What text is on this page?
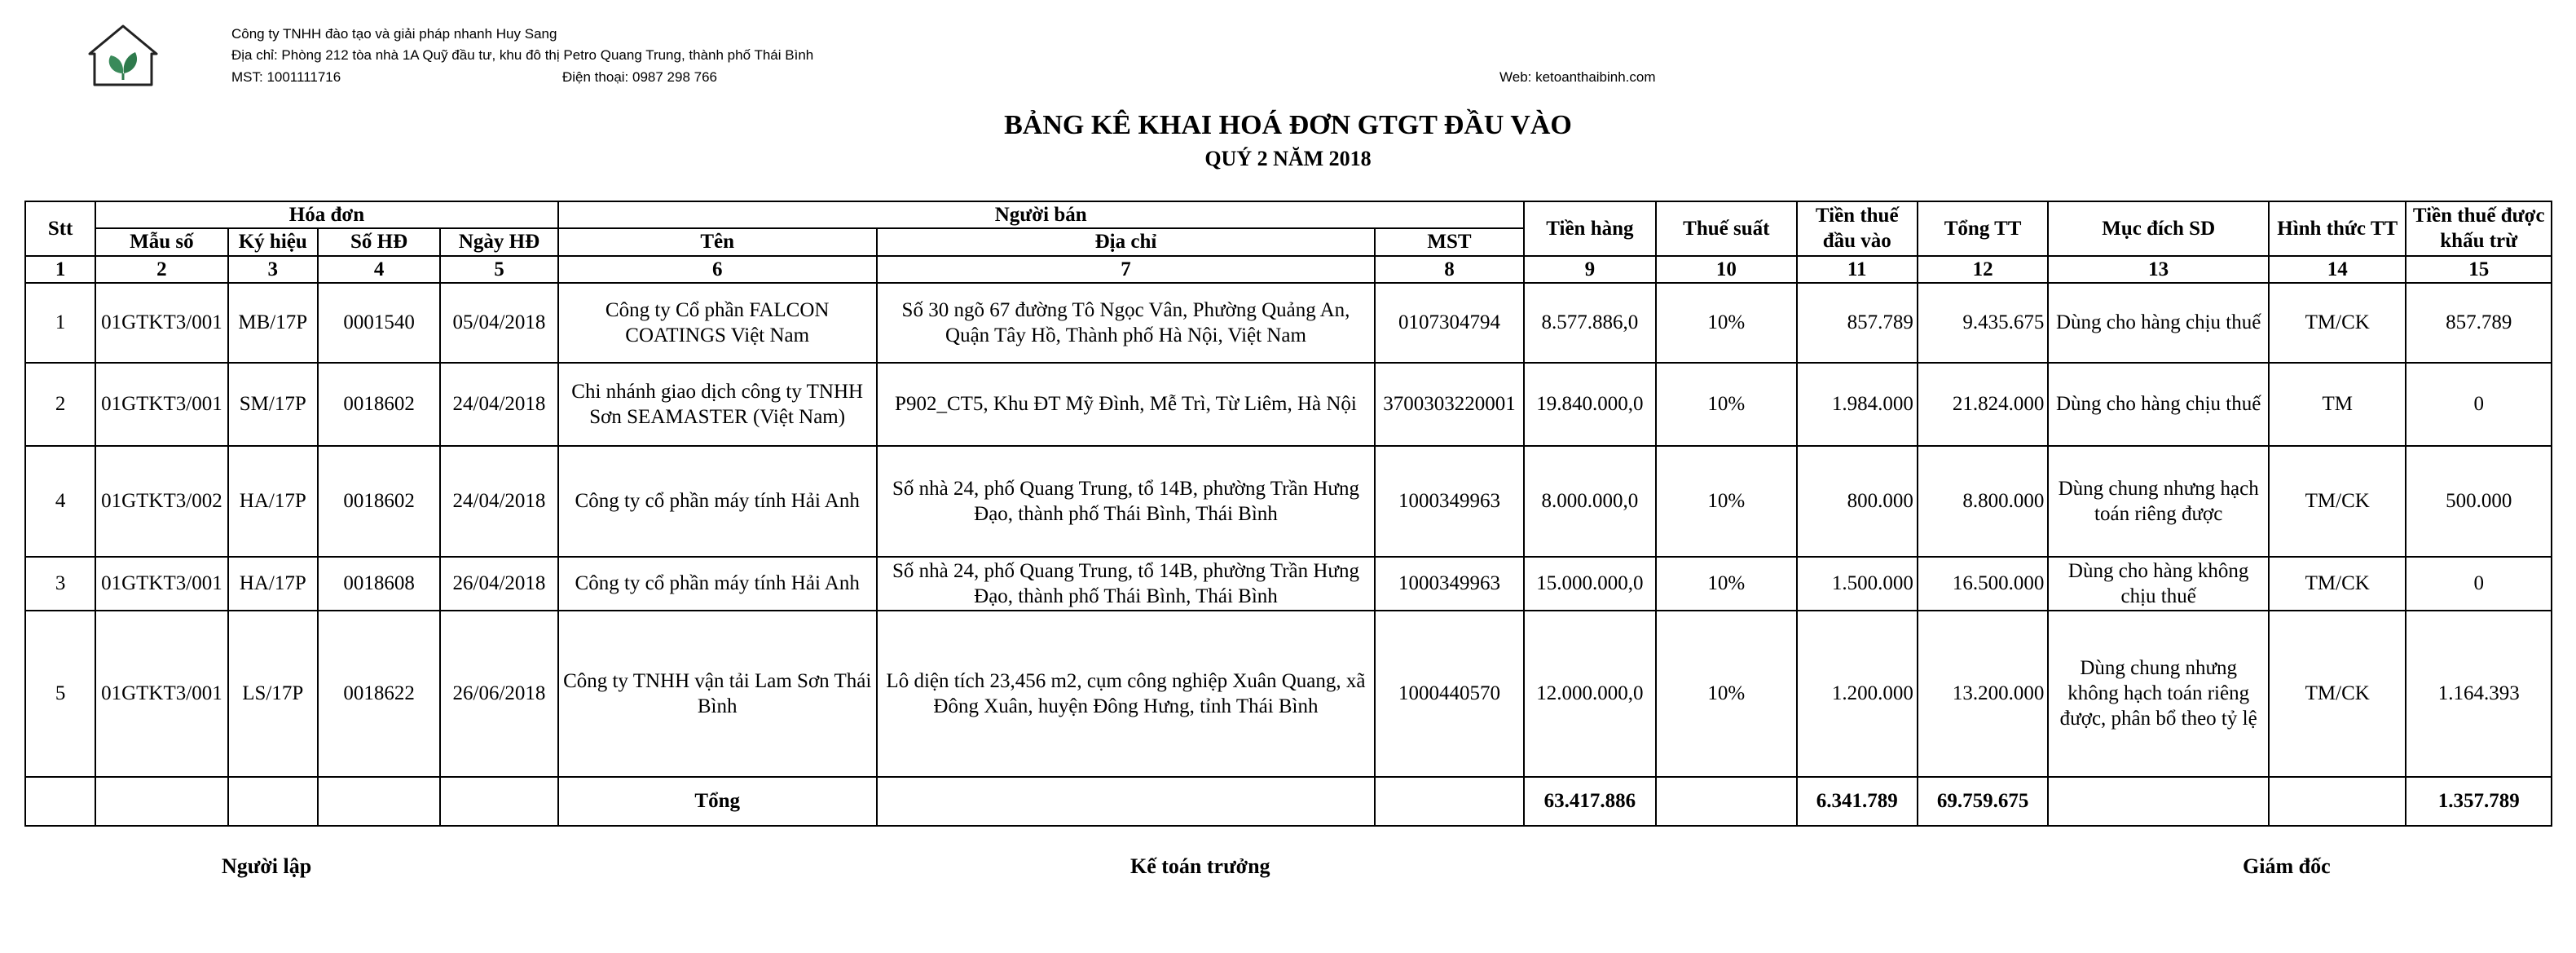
Công ty TNHH đào tạo và giải pháp nhanh Huy Sang
Địa chỉ: Phòng 212 tòa nhà 1A Quỹ đầu tư, khu đô thị Petro Quang Trung, thành phố Thái Bình
MST: 1001111716	Điện thoại: 0987 298 766	Web: ketoanthaibinh.com
BẢNG KÊ KHAI HOÁ ĐƠN GTGT ĐẦU VÀO
QUÝ 2 NĂM 2018
Stt	Hóa đơn				Người bán			Tiền hàng	Thuế suất	Tiền thuế đầu vào	Tổng TT	Mục đích SD	Hình thức TT	Tiền thuế được khấu trừ
	Mẫu số	Ký hiệu	Số HĐ	Ngày HĐ	Tên	Địa chỉ	MST							
1	2	3	4	5	6	7	8	9	10	11	12	13	14	15
1	01GTKT3/001	MB/17P	0001540	05/04/2018	Công ty Cổ phần FALCON COATINGS Việt Nam	Số 30 ngõ 67 đường Tô Ngọc Vân, Phường Quảng An, Quận Tây Hồ, Thành phố Hà Nội, Việt Nam	0107304794	8.577.886,0	10%	857.789	9.435.675	Dùng cho hàng chịu thuế	TM/CK	857.789
2	01GTKT3/001	SM/17P	0018602	24/04/2018	Chi nhánh giao dịch công ty TNHH Sơn SEAMASTER (Việt Nam)	P902_CT5, Khu ĐT Mỹ Đình, Mễ Trì, Từ Liêm, Hà Nội	3700303220001	19.840.000,0	10%	1.984.000	21.824.000	Dùng cho hàng chịu thuế	TM	0
4	01GTKT3/002	HA/17P	0018602	24/04/2018	Công ty cổ phần máy tính Hải Anh	Số nhà 24, phố Quang Trung, tổ 14B, phường Trần Hưng Đạo, thành phố Thái Bình, Thái Bình	1000349963	8.000.000,0	10%	800.000	8.800.000	Dùng chung nhưng hạch toán riêng được	TM/CK	500.000
3	01GTKT3/001	HA/17P	0018608	26/04/2018	Công ty cổ phần máy tính Hải Anh	Số nhà 24, phố Quang Trung, tổ 14B, phường Trần Hưng Đạo, thành phố Thái Bình, Thái Bình	1000349963	15.000.000,0	10%	1.500.000	16.500.000	Dùng cho hàng không chịu thuế	TM/CK	0
5	01GTKT3/001	LS/17P	0018622	26/06/2018	Công ty TNHH vận tải Lam Sơn Thái Bình	Lô diện tích 23,456 m2, cụm công nghiệp Xuân Quang, xã Đông Xuân, huyện Đông Hưng, tỉnh Thái Bình	1000440570	12.000.000,0	10%	1.200.000	13.200.000	Dùng chung nhưng không hạch toán riêng được, phân bổ theo tỷ lệ	TM/CK	1.164.393
					Tổng			63.417.886		6.341.789	69.759.675			1.357.789
Người lập	Kế toán trưởng	Giám đốc
